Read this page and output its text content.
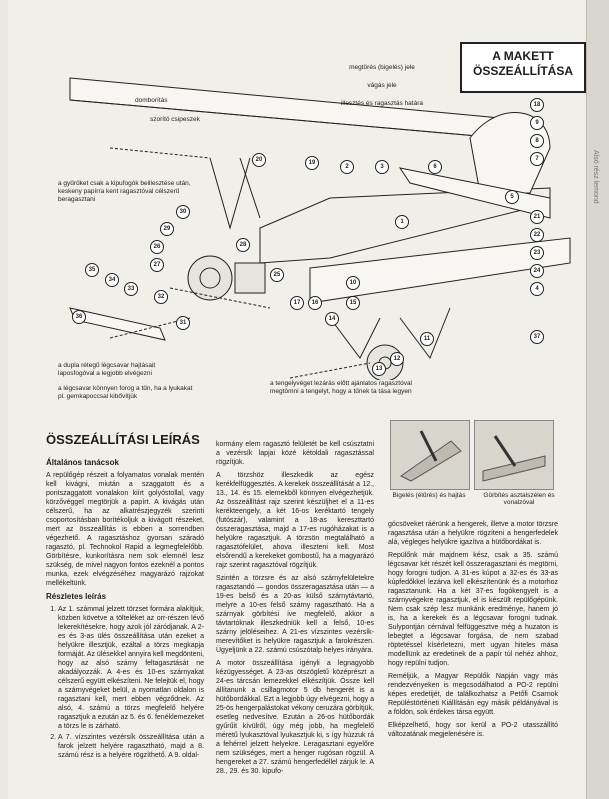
Alsó rész lemond
A MAKETT
ÖSSZEÁLLÍTÁSA
megtörés (bigelés) jele
vágás jele
illesztés és ragasztás határa
domborítás
szorító csipeszek
a gyűrűket csak a kipufogók beillesztése után, keskeny papírra kent ragasztóval célszerű beragasztani
a dupla rétegű légcsavar hajtásait laposfogóval a legjobb elvégezni
a légcsavar könnyen forog a tűn, ha a lyukakat pl. gemkapoccsal kibővítjük
a tengelyvéget lezárás előtt ajánlatos ragasztóval megtömni a tengelyt, hogy a tűnek ta tása legyen
18
9
8
7
20	19
2	3	6
1
5
21
22
23
24
4
30
29
26
27
28
35
34
33
32
31
25
17	16
14
15
10
11
12
13
37
36
ÖSSZEÁLLÍTÁSI LEÍRÁS
Általános tanácsok

A repülőgép részeit a folyamatos vonalak mentén kell kivágni, miután a szaggatott és a pontszaggatott vonalakon kiírt golyóstollal, vagy körzővéggel megtörjük a papírt. A kivágás után célszerű, ha az alkatrészjegyzék szerinti csoportosításban borítékoljuk a kivágott részeket, mert az összeállítás is ebben a sorrendben végezhető. A ragasztáshoz gyorsan száradó ragasztó, pl. Technokol Rapid a legmegfelelőbb. Görbítésre, kunkorításra nem sok elemnél lesz szükség, de mivel nagyon fontos ezeknél a pontos munka, ezek elvégzéséhez magyarázó rajzokat mellékeltünk.

Részletes leírás
1. Az 1. számmal jelzett törzset formára alakítjuk, közben követve a tölteléket az orr-részen lévő lekerekítésekre, hogy azok jól záródjanak. A 2-es és 3-as ülés összeállítása után ezeket a helyükre illesztjük, ezáltal a törzs megkapja formáját. Az ülésekkel annyira kell megdönteni, hogy az alsó szárny feltagasztását ne akadályozzák. A 4-es és 10-es szárnyakat célszerű együtt elkészíteni. Ne felejtük el, hogy a szárnyvégeket belül, a nyomatlan oldalon is ragasztani kell, mert ebben végződnek. Az alsó, 4. számú a törzs megfelelő helyére ragasztjuk a ezután az 5. és 6. fenéklemezeket a törzs le is zárható.
2. A 7. vízszintes vezérsík összeállítása után a farok jelzett helyére ragasztható, majd a 8. számú rész is a helyére rögzíthető. A 9. oldal-

kormány elem ragasztó felületét be kell csúsztatni a vezérsík lapjai közé kétoldali ragasztással rögzítjük.

A törzshöz illeszkedik az egész kerékfelfüggesztés. A kerekek összeállítását a 12., 13., 14. és 15. elemekből könnyen elvégezhetjük. Az összeállítást rajz szerint készüljhet el a 11-es kerékteengely, a két 16-os keréktartó tengely (futószár), valamint a 18-as kereszttartó összeragasztása, majd a 17-es rugóházakat is a helyükre ragasztjuk. A törzsön megtalálható a ragasztófelület, ahova illeszteni kell. Most elsőrendű a kerekeket gombostű, ha a magyarázó rajz szerint ragasztóval rögzítjük.

Szintén a törzsre és az alsó szárnyfelületekre ragasztandó — gondos összeragasztása után — a 19-es belső és a 20-as külső szárnytávtartó, melyre a 10-es felső szárny ragasztható. Ha a szárnyak görbítési ive megfelelő, akkor a távtartóknak illeszkedniük kell a felső, 10-es szárny jelöléseihez. A 21-es vízszintes vezérsík-merevítőket is helyükre ragasztjuk a farokrészen. Ügyeljünk a 22. számú csúszótalp helyes irányára.

A motor összeállítása igényli a legnagyobb kézügyességet. A 23-as ötszögletű középrészt a 24-es tárcsán lemezekkel elkészítjük. Össze kell állítanunk a csillagmotor 5 db hengerét is a hütőbordákkal. Ezt a legjobb úgy elvégezni, hogy a 25-ös hengerpalástokat vékony ceruzára görbítjük, esetleg nedvesítve. Ezután a 26-os hütőbordák gyűrűit kívülről, úgy még jobb, ha megfelelő méretű lyukasztóval lyukasztjuk ki, s így húzzuk rá a fehérrel jelzett helyekre. Leragasztani egyelőre nem szükséges, mert a henger rugósan rögzül. A hengereket a 27. számú hengerfedéllel zárjuk le. A 28., 29. és 30. kipufo-

Bigelés (élűrés) és hajtás	Görbítés asztalszélen és vonalzóval

gócsöveket ráérünk a hengerek, illetve a motor törzsre ragasztása után a helyükre rögzíteni a hengerfedelek alá, végleges helyükre igazítva a hütőbordákat is.

Repülőnk már majdnem kész, csak a 35. számú légcsavar két részét kell összeragasztani és megtörni, hogy forogni tudjon. A 31-es kúpot a 32-es és 33-as kúpfedőkkel lezárva kell elkészítenünk és a motorhoz ragasztanunk. Ha a két 37-es fogókengyelt is a szárnyvégekre ragasztjuk, el is készült repülőgépünk. Nem csak szép lesz munkánk eredménye, hanem jó is, ha a kerekek és a légcsavar forogni tudnak. Sulypontján cérnával felfüggesztve még a huzaton is lebegtet a légcsavar forgása, de nem szabad röptetéssel kísérletezni, mert ugyan hiteles mása modellünk az eredetinek de a papír túl nehéz ahhoz, hogy repülni tudjon.

Reméljük, a Magyar Repülők Napján vagy más rendezvényeken is megcsodálhatod a PO-2 repülni képes eredetijét, de találkozhatsz a Petőfi Csarnok Repüléstörténeti Kiállításán egy másik példányával is a földön, sok érdekes társa együtt.

Elképzelhető, hogy sor kerül a PO-2 utasszállító változatának megjelenésére is.
